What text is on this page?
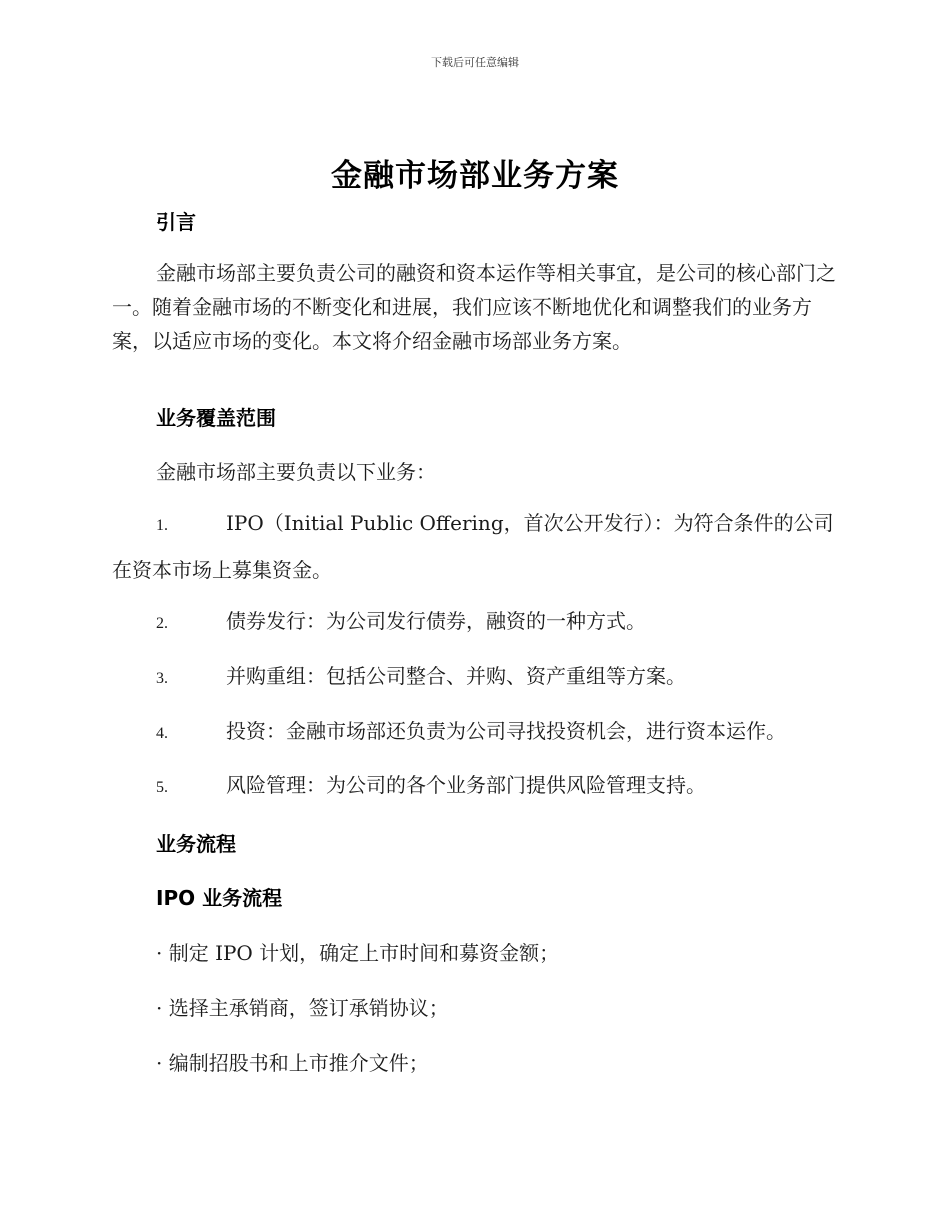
下载后可任意编辑
金融市场部业务方案
引言

金融市场部主要负责公司的融资和资本运作等相关事宜，是公司的核心部门之一。随着金融市场的不断变化和进展，我们应该不断地优化和调整我们的业务方案，以适应市场的变化。本文将介绍金融市场部业务方案。

业务覆盖范围
金融市场部主要负责以下业务：
1.	IPO（Initial Public Offering，首次公开发行）：为符合条件的公司在资本市场上募集资金。
2.	债券发行：为公司发行债券，融资的一种方式。
3.	并购重组：包括公司整合、并购、资产重组等方案。
4.	投资：金融市场部还负责为公司寻找投资机会，进行资本运作。
5.	风险管理：为公司的各个业务部门提供风险管理支持。
业务流程
IPO 业务流程
· 制定 IPO 计划，确定上市时间和募资金额；
· 选择主承销商，签订承销协议；
· 编制招股书和上市推介文件；
